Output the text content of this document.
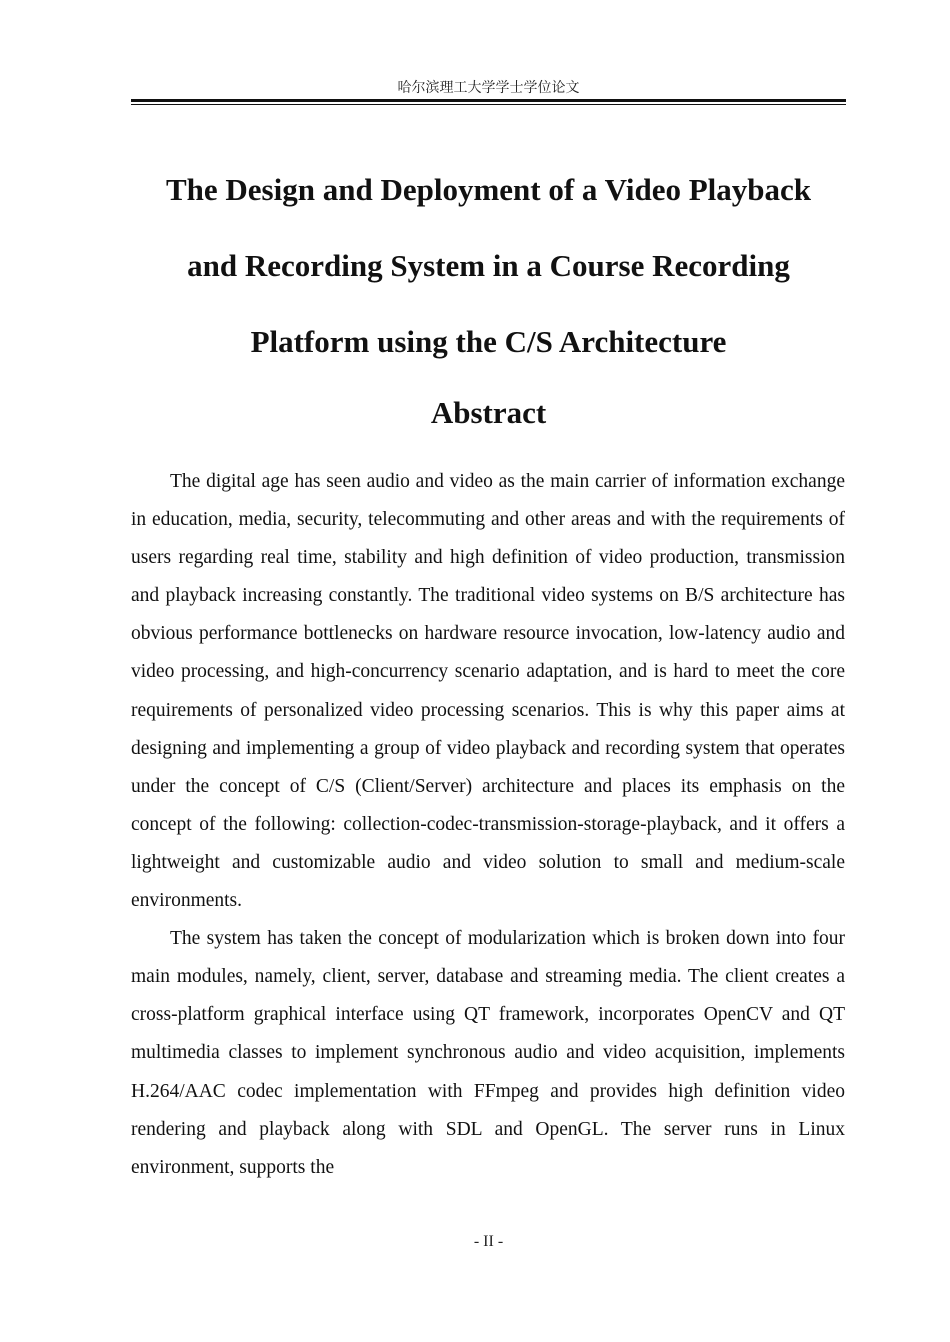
哈尔滨理工大学学士学位论文
The Design and Deployment of a Video Playback
and Recording System in a Course Recording
Platform using the C/S Architecture
Abstract

The digital age has seen audio and video as the main carrier of information exchange in education, media, security, telecommuting and other areas and with the requirements of users regarding real time, stability and high definition of video production, transmission and playback increasing constantly. The traditional video systems on B/S architecture has obvious performance bottlenecks on hardware resource invocation, low-latency audio and video processing, and high-concurrency scenario adaptation, and is hard to meet the core requirements of personalized video processing scenarios. This is why this paper aims at designing and implementing a group of video playback and recording system that operates under the concept of C/S (Client/Server) architecture and places its emphasis on the concept of the following: collection-codec-transmission-storage-playback, and it offers a lightweight and customizable audio and video solution to small and medium-scale environments.

The system has taken the concept of modularization which is broken down into four main modules, namely, client, server, database and streaming media. The client creates a cross-platform graphical interface using QT framework, incorporates OpenCV and QT multimedia classes to implement synchronous audio and video acquisition, implements H.264/AAC codec implementation with FFmpeg and provides high definition video rendering and playback along with SDL and OpenGL. The server runs in Linux environment, supports the

- II -
